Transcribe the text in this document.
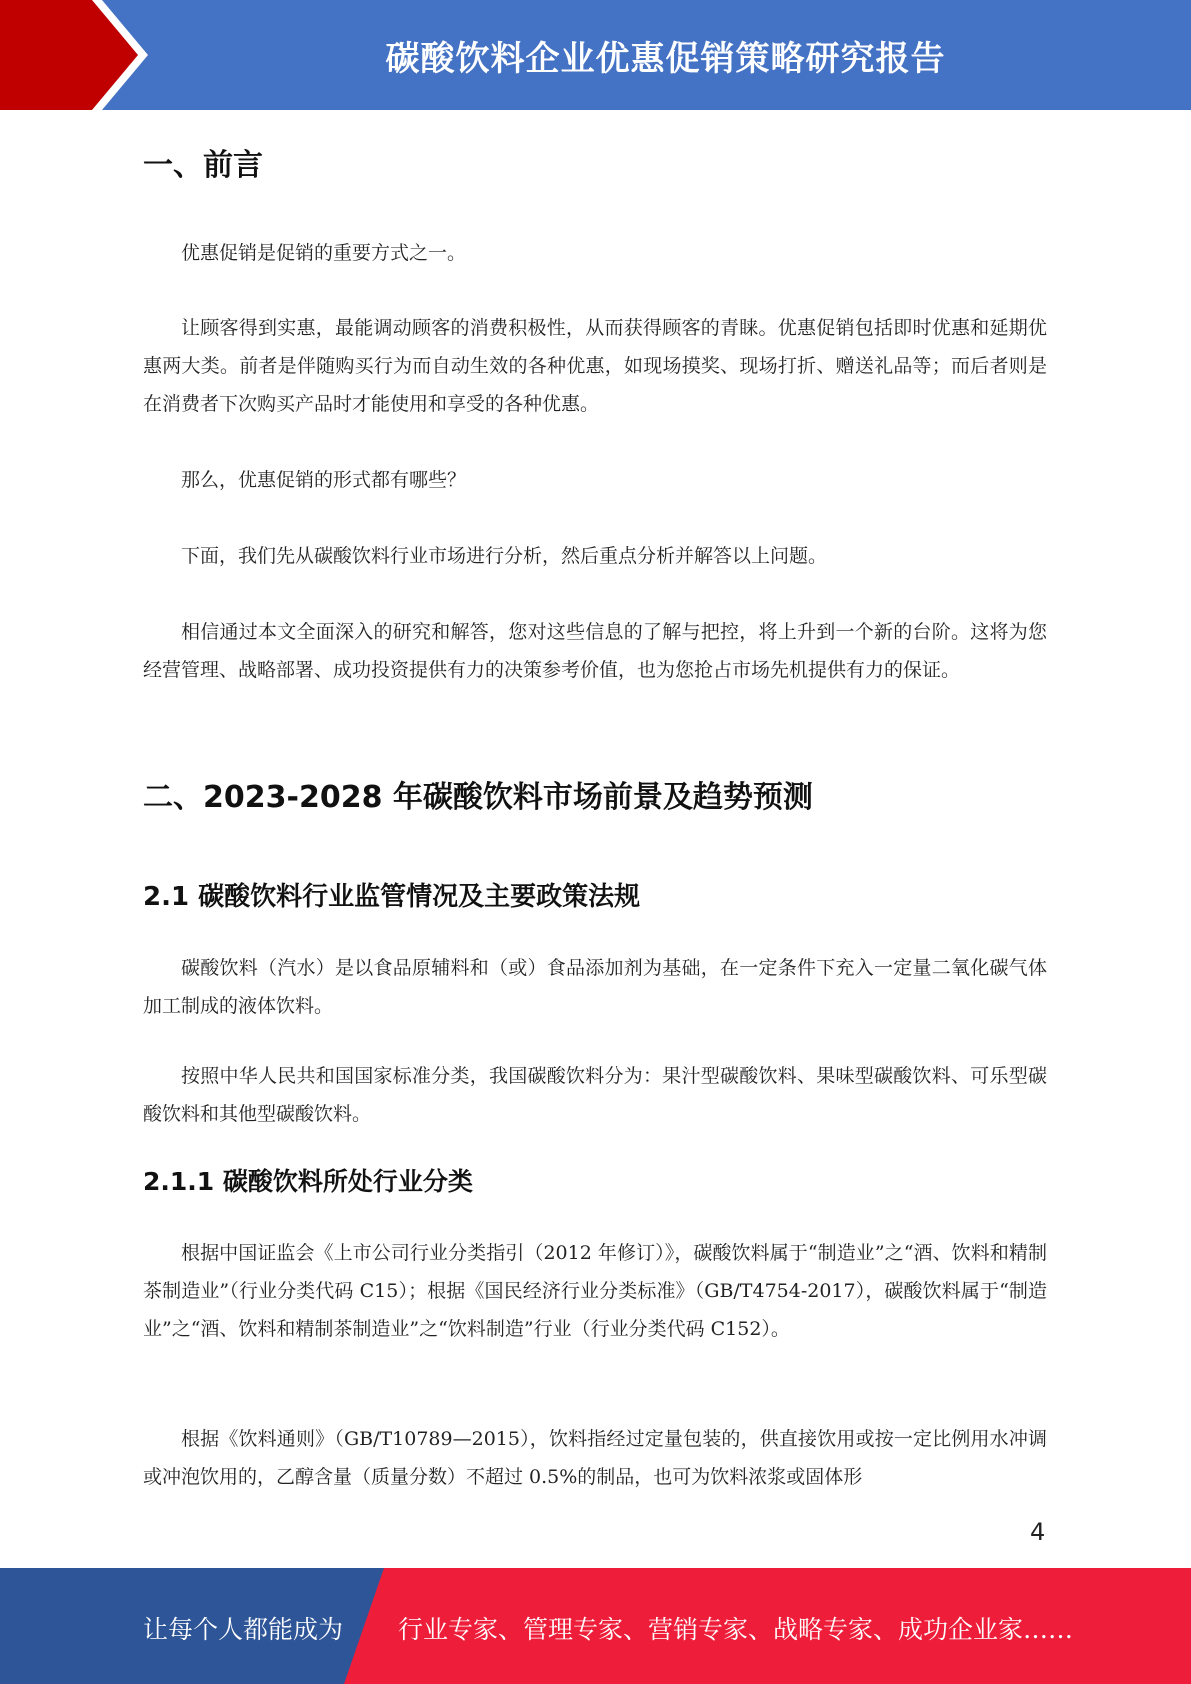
碳酸饮料企业优惠促销策略研究报告
一、前言

优惠促销是促销的重要方式之一。

让顾客得到实惠，最能调动顾客的消费积极性，从而获得顾客的青睐。优惠促销包括即时优惠和延期优惠两大类。前者是伴随购买行为而自动生效的各种优惠，如现场摸奖、现场打折、赠送礼品等；而后者则是在消费者下次购买产品时才能使用和享受的各种优惠。

那么，优惠促销的形式都有哪些？

下面，我们先从碳酸饮料行业市场进行分析，然后重点分析并解答以上问题。

相信通过本文全面深入的研究和解答，您对这些信息的了解与把控，将上升到一个新的台阶。这将为您经营管理、战略部署、成功投资提供有力的决策参考价值，也为您抢占市场先机提供有力的保证。

二、2023-2028 年碳酸饮料市场前景及趋势预测
2.1 碳酸饮料行业监管情况及主要政策法规

碳酸饮料（汽水）是以食品原辅料和（或）食品添加剂为基础，在一定条件下充入一定量二氧化碳气体加工制成的液体饮料。

按照中华人民共和国国家标准分类，我国碳酸饮料分为：果汁型碳酸饮料、果味型碳酸饮料、可乐型碳酸饮料和其他型碳酸饮料。

2.1.1 碳酸饮料所处行业分类

根据中国证监会《上市公司行业分类指引（2012 年修订）》，碳酸饮料属于“制造业”之“酒、饮料和精制茶制造业”（行业分类代码 C15）；根据《国民经济行业分类标准》（GB/T4754-2017），碳酸饮料属于“制造业”之“酒、饮料和精制茶制造业”之“饮料制造”行业（行业分类代码 C152）。

根据《饮料通则》（GB/T10789—2015），饮料指经过定量包装的，供直接饮用或按一定比例用水冲调或冲泡饮用的，乙醇含量（质量分数）不超过 0.5%的制品，也可为饮料浓浆或固体形

4
让每个人都能成为 行业专家、管理专家、营销专家、战略专家、成功企业家……
